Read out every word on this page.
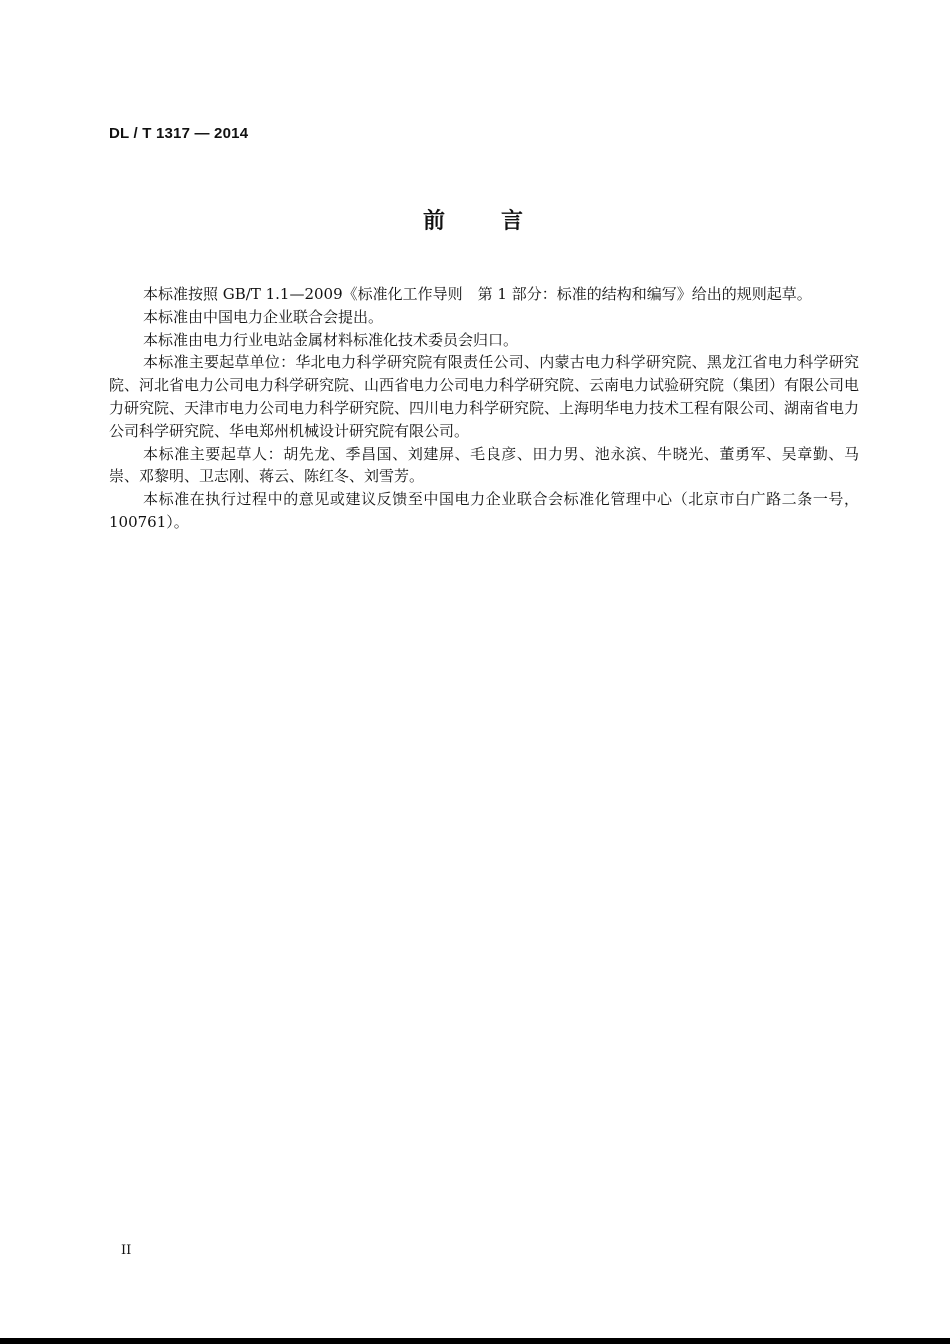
DL / T 1317 — 2014
前　　言

本标准按照 GB/T 1.1—2009《标准化工作导则　第 1 部分：标准的结构和编写》给出的规则起草。

本标准由中国电力企业联合会提出。

本标准由电力行业电站金属材料标准化技术委员会归口。

本标准主要起草单位：华北电力科学研究院有限责任公司、内蒙古电力科学研究院、黑龙江省电力科学研究院、河北省电力公司电力科学研究院、山西省电力公司电力科学研究院、云南电力试验研究院（集团）有限公司电力研究院、天津市电力公司电力科学研究院、四川电力科学研究院、上海明华电力技术工程有限公司、湖南省电力公司科学研究院、华电郑州机械设计研究院有限公司。

本标准主要起草人：胡先龙、季昌国、刘建屏、毛良彦、田力男、池永滨、牛晓光、董勇军、吴章勤、马崇、邓黎明、卫志刚、蒋云、陈红冬、刘雪芳。

本标准在执行过程中的意见或建议反馈至中国电力企业联合会标准化管理中心（北京市白广路二条一号，100761）。

II
